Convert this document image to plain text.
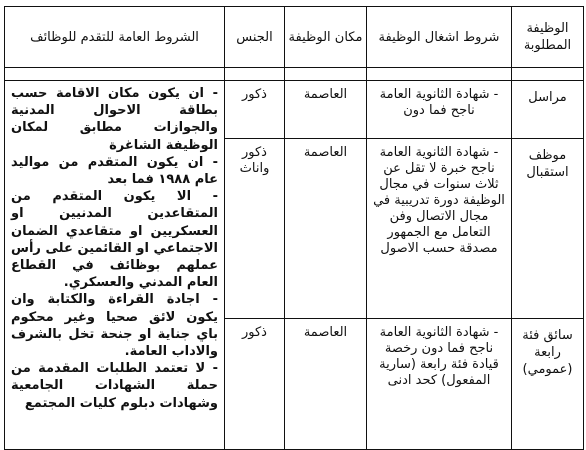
الوظيفة المطلوبة	شروط اشغال الوظيفة	مكان الوظيفة	الجنس	الشروط العامة للتقدم للوظائف

مراسل	- شهادة الثانوية العامة ناجح فما دون	العاصمة	ذكور	- ان يكون مكان الاقامة حسب بطاقة الاحوال المدنية والجوازات مطابق لمكان الوظيفة الشاغرة

- ان يكون المتقدم من مواليد عام ١٩٨٨ فما بعد

- الا يكون المتقدم من المتقاعدين المدنيين او العسكريين او متقاعدي الضمان الاجتماعي او القائمين على رأس عملهم بوظائف في القطاع العام المدني والعسكري.

- اجادة القراءة والكتابة وان يكون لائق صحيا وغير محكوم باي جناية او جنحة تخل بالشرف والاداب العامة.

- لا تعتمد الطلبات المقدمة من حملة الشهادات الجامعية وشهادات دبلوم كليات المجتمع

موظف استقبال	- شهادة الثانوية العامة ناجح خبرة لا تقل عن ثلاث سنوات في مجال الوظيفة دورة تدريبية في مجال الاتصال وفن التعامل مع الجمهور مصدقة حسب الاصول	العاصمة	ذكور واناث	
سائق فئة رابعة (عمومي)	- شهادة الثانوية العامة ناجح فما دون رخصة قيادة فئة رابعة (سارية المفعول) كحد ادنى	العاصمة	ذكور	
